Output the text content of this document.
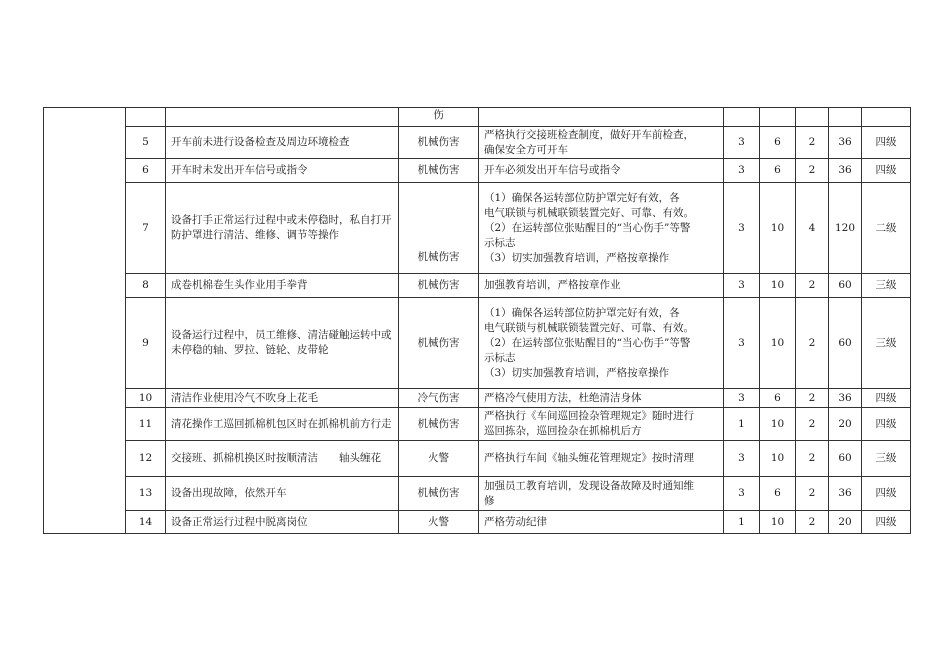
			伤	

	5	开车前未进行设备检查及周边环境检查	机械伤害	严格执行交接班检查制度，做好开车前检查，
确保安全方可开车	3	6	2	36	四级
	6	开车时未发出开车信号或指令	机械伤害	开车必须发出开车信号或指令	3	6	2	36	四级
	7	设备打手正常运行过程中或未停稳时，私自打开防护罩进行清洁、维修、调节等操作	机械伤害	（1）确保各运转部位防护罩完好有效，各
电气联锁与机械联锁装置完好、可靠、有效。
（2）在运转部位张贴醒目的“当心伤手”等警
示标志
（3）切实加强教育培训，严格按章操作	3	10	4	120	二级
	8	成卷机棉卷生头作业用手拳背	机械伤害	加强教育培训，严格按章作业	3	10	2	60	三级
	9	设备运行过程中，员工维修、清洁碰触运转中或未停稳的轴、罗拉、链轮、皮带轮	机械伤害	（1）确保各运转部位防护罩完好有效，各
电气联锁与机械联锁装置完好、可靠、有效。
（2）在运转部位张贴醒目的“当心伤手”等警
示标志
（3）切实加强教育培训，严格按章操作	3	10	2	60	三级
	10	清洁作业使用冷气不吹身上花毛	冷气伤害	严格冷气使用方法，杜绝清洁身体	3	6	2	36	四级
	11	清花操作工巡回抓棉机包区时在抓棉机前方行走	机械伤害	严格执行《车间巡回捡杂管理规定》随时进行
巡回拣杂，巡回捡杂在抓棉机后方	1	10	2	20	四级
	12	交接班、抓棉机换区时按顺清洁　　轴头缠花	火警	严格执行车间《轴头缠花管理规定》按时清理	3	10	2	60	三级
	13	设备出现故障，依然开车	机械伤害	加强员工教育培训，发现设备故障及时通知维
修	3	6	2	36	四级
	14	设备正常运行过程中脱离岗位	火警	严格劳动纪律	1	10	2	20	四级
